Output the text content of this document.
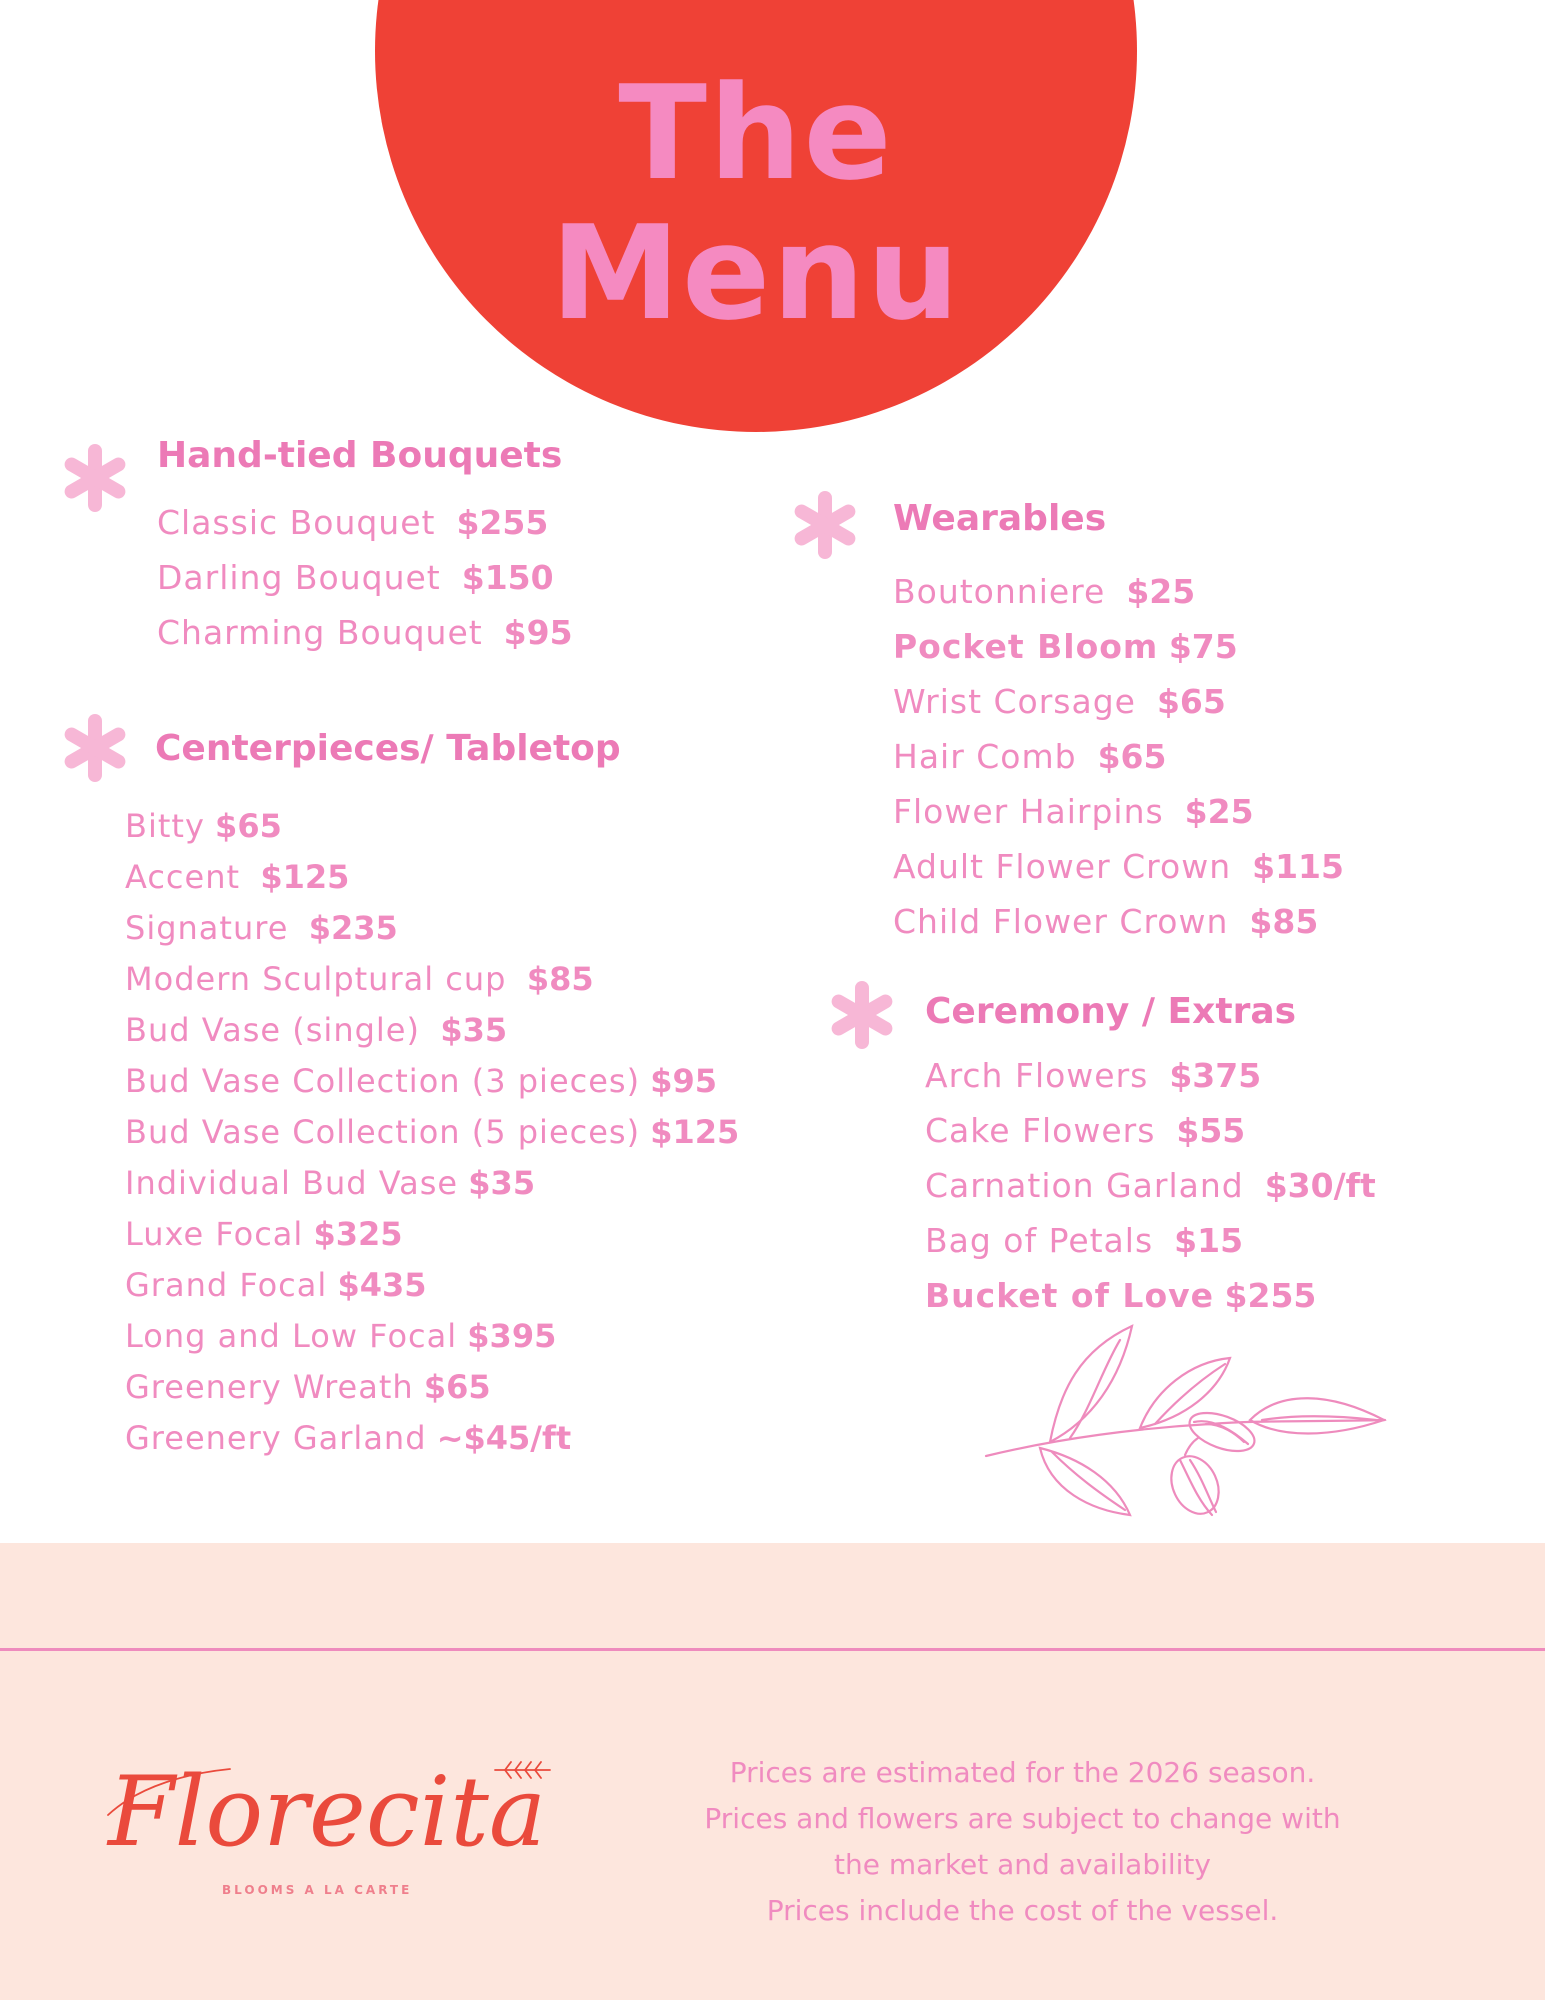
The
Menu
Hand-tied Bouquets
Classic Bouquet $255
Darling Bouquet $150
Charming Bouquet $95
Centerpieces/ Tabletop
Bitty $65
Accent $125
Signature $235
Modern Sculptural cup $85
Bud Vase (single) $35
Bud Vase Collection (3 pieces) $95
Bud Vase Collection (5 pieces) $125
Individual Bud Vase $35
Luxe Focal $325
Grand Focal $435
Long and Low Focal $395
Greenery Wreath $65
Greenery Garland ~$45/ft
Wearables
Boutonniere $25
Pocket Bloom $75
Wrist Corsage $65
Hair Comb $65
Flower Hairpins $25
Adult Flower Crown $115
Child Flower Crown $85
Ceremony / Extras
Arch Flowers $375
Cake Flowers $55
Carnation Garland $30/ft
Bag of Petals $15
Bucket of Love $255
Florecita
BLOOMS A LA CARTE
Prices are estimated for the 2026 season.
Prices and flowers are subject to change with
the market and availability
Prices include the cost of the vessel.
